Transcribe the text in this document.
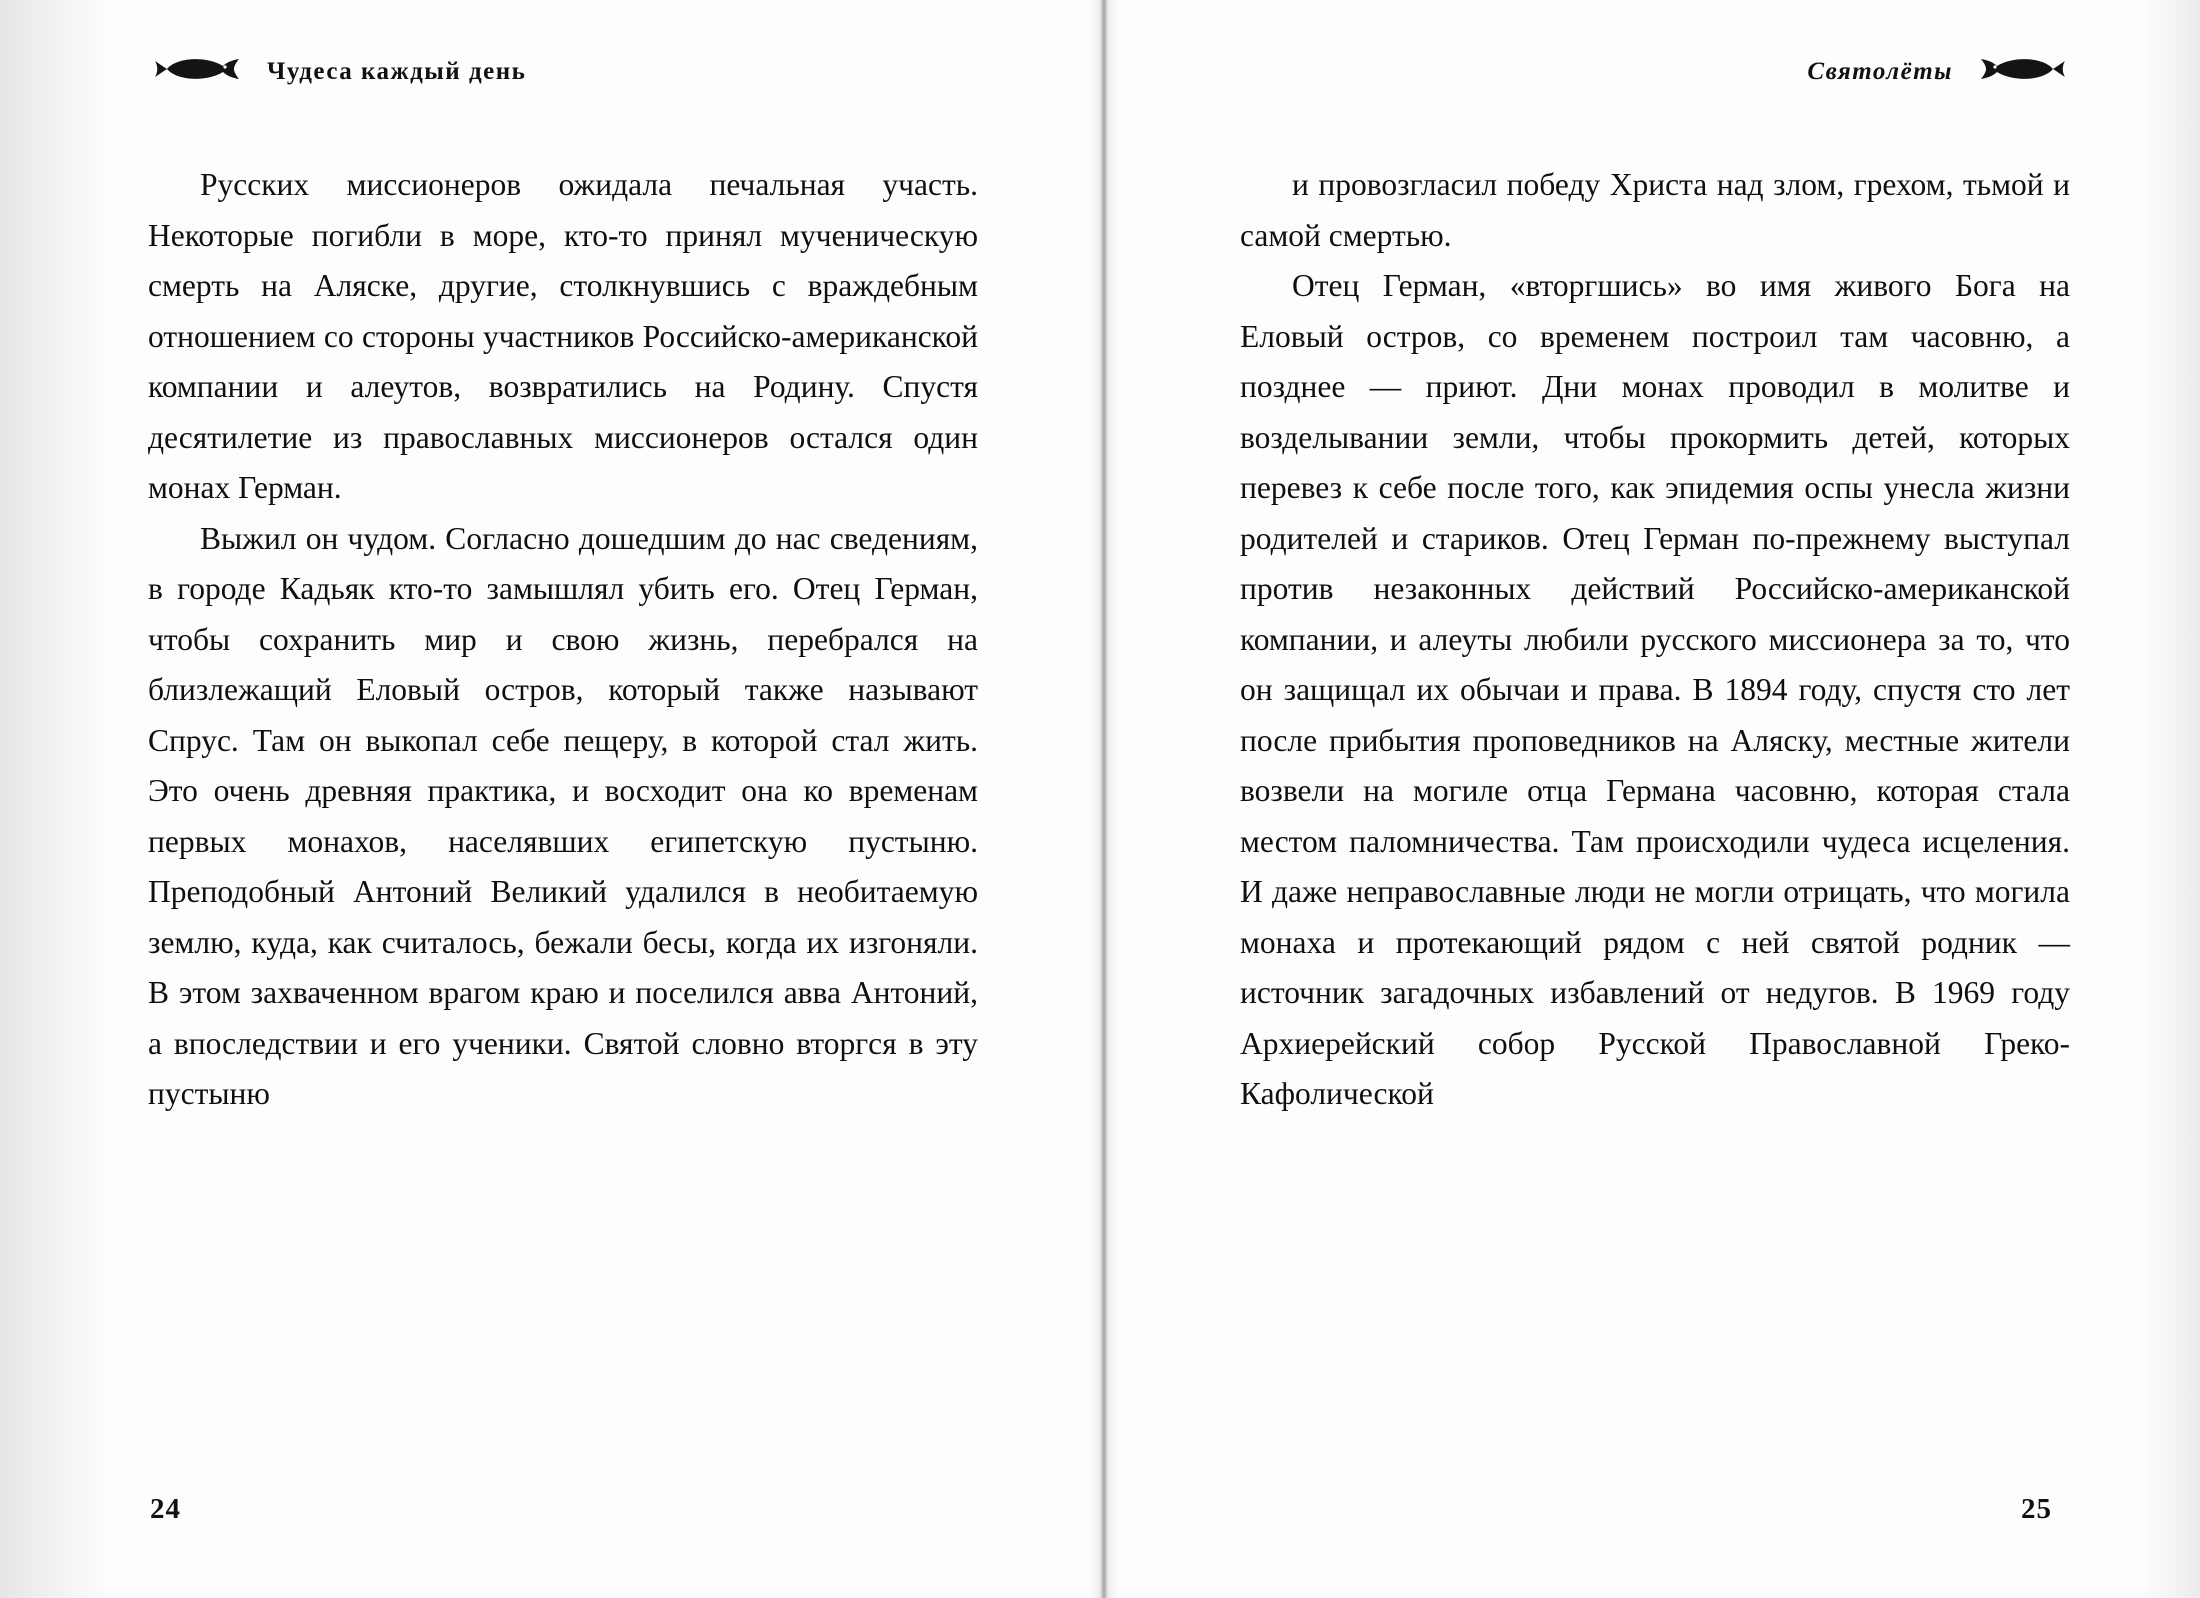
Чудеса каждый день

Русских миссионеров ожидала печальная участь. Некоторые погибли в море, кто-то принял мученическую смерть на Аляске, другие, столкнувшись с враждебным отношением со стороны участников Российско-американской компании и алеутов, возвратились на Родину. Спустя десятилетие из православных миссионеров остался один монах Герман.

Выжил он чудом. Согласно дошедшим до нас сведениям, в городе Кадьяк кто-то замышлял убить его. Отец Герман, чтобы сохранить мир и свою жизнь, перебрался на близлежащий Еловый остров, который также называют Спрус. Там он выкопал себе пещеру, в которой стал жить. Это очень древняя практика, и восходит она ко временам первых монахов, населявших египетскую пустыню. Преподобный Антоний Великий удалился в необитаемую землю, куда, как считалось, бежали бесы, когда их изгоняли. В этом захваченном врагом краю и поселился авва Антоний, а впоследствии и его ученики. Святой словно вторгся в эту пустыню

24
Святолёты

и провозгласил победу Христа над злом, грехом, тьмой и самой смертью.

Отец Герман, «вторгшись» во имя живого Бога на Еловый остров, со временем построил там часовню, а позднее — приют. Дни монах проводил в молитве и возделывании земли, чтобы прокормить детей, которых перевез к себе после того, как эпидемия оспы унесла жизни родителей и стариков. Отец Герман по-прежнему выступал против незаконных действий Российско-американской компании, и алеуты любили русского миссионера за то, что он защищал их обычаи и права. В 1894 году, спустя сто лет после прибытия проповедников на Аляску, местные жители возвели на могиле отца Германа часовню, которая стала местом паломничества. Там происходили чудеса исцеления. И даже неправославные люди не могли отрицать, что могила монаха и протекающий рядом с ней святой родник — источник загадочных избавлений от недугов. В 1969 году Архиерейский собор Русской Православной Греко-Кафолической

25
